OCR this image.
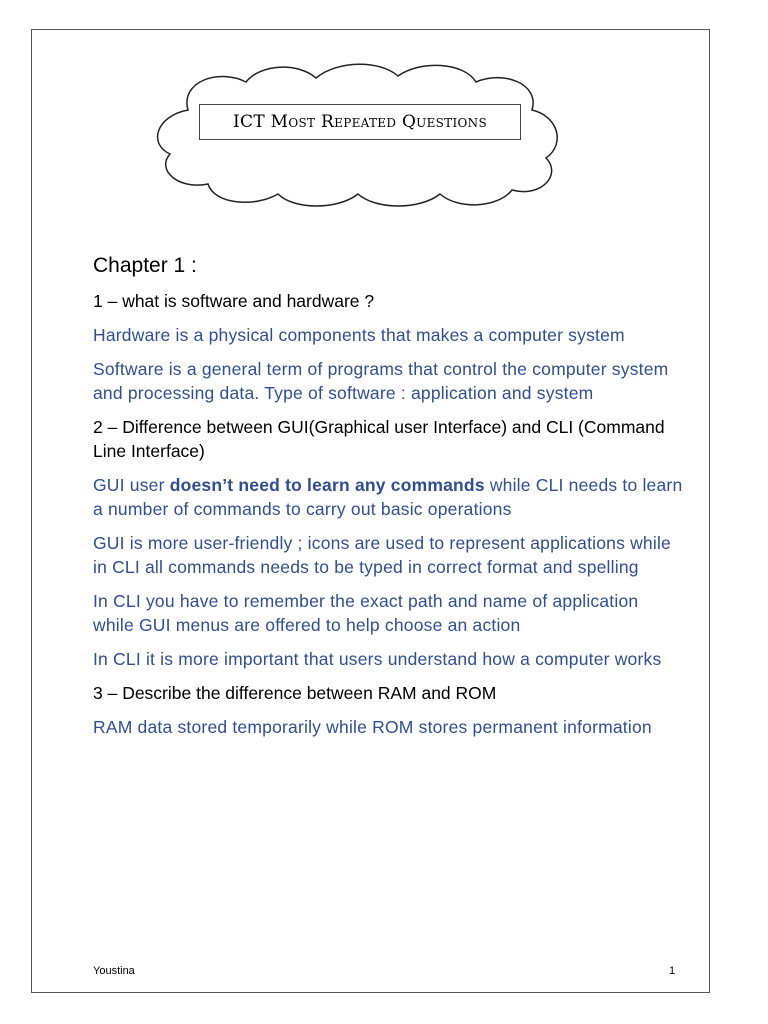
ICT Most Repeated Questions
Chapter 1 :
1 – what is software and hardware ?
Hardware is a physical components that makes a computer system
Software is a general term of programs that control the computer system and processing data. Type of software : application and system
2 – Difference between GUI(Graphical user Interface) and CLI (Command Line Interface)
GUI user doesn’t need to learn any commands while CLI needs to learn a number of commands to carry out basic operations
GUI is more user-friendly ; icons are used to represent applications while in CLI all commands needs to be typed in correct format and spelling
In CLI you have to remember the exact path and name of application while GUI menus are offered to help choose an action
In CLI it is more important that users understand how a computer works
3 – Describe the difference between RAM and ROM
RAM data stored temporarily while ROM stores permanent information
Youstina	1
